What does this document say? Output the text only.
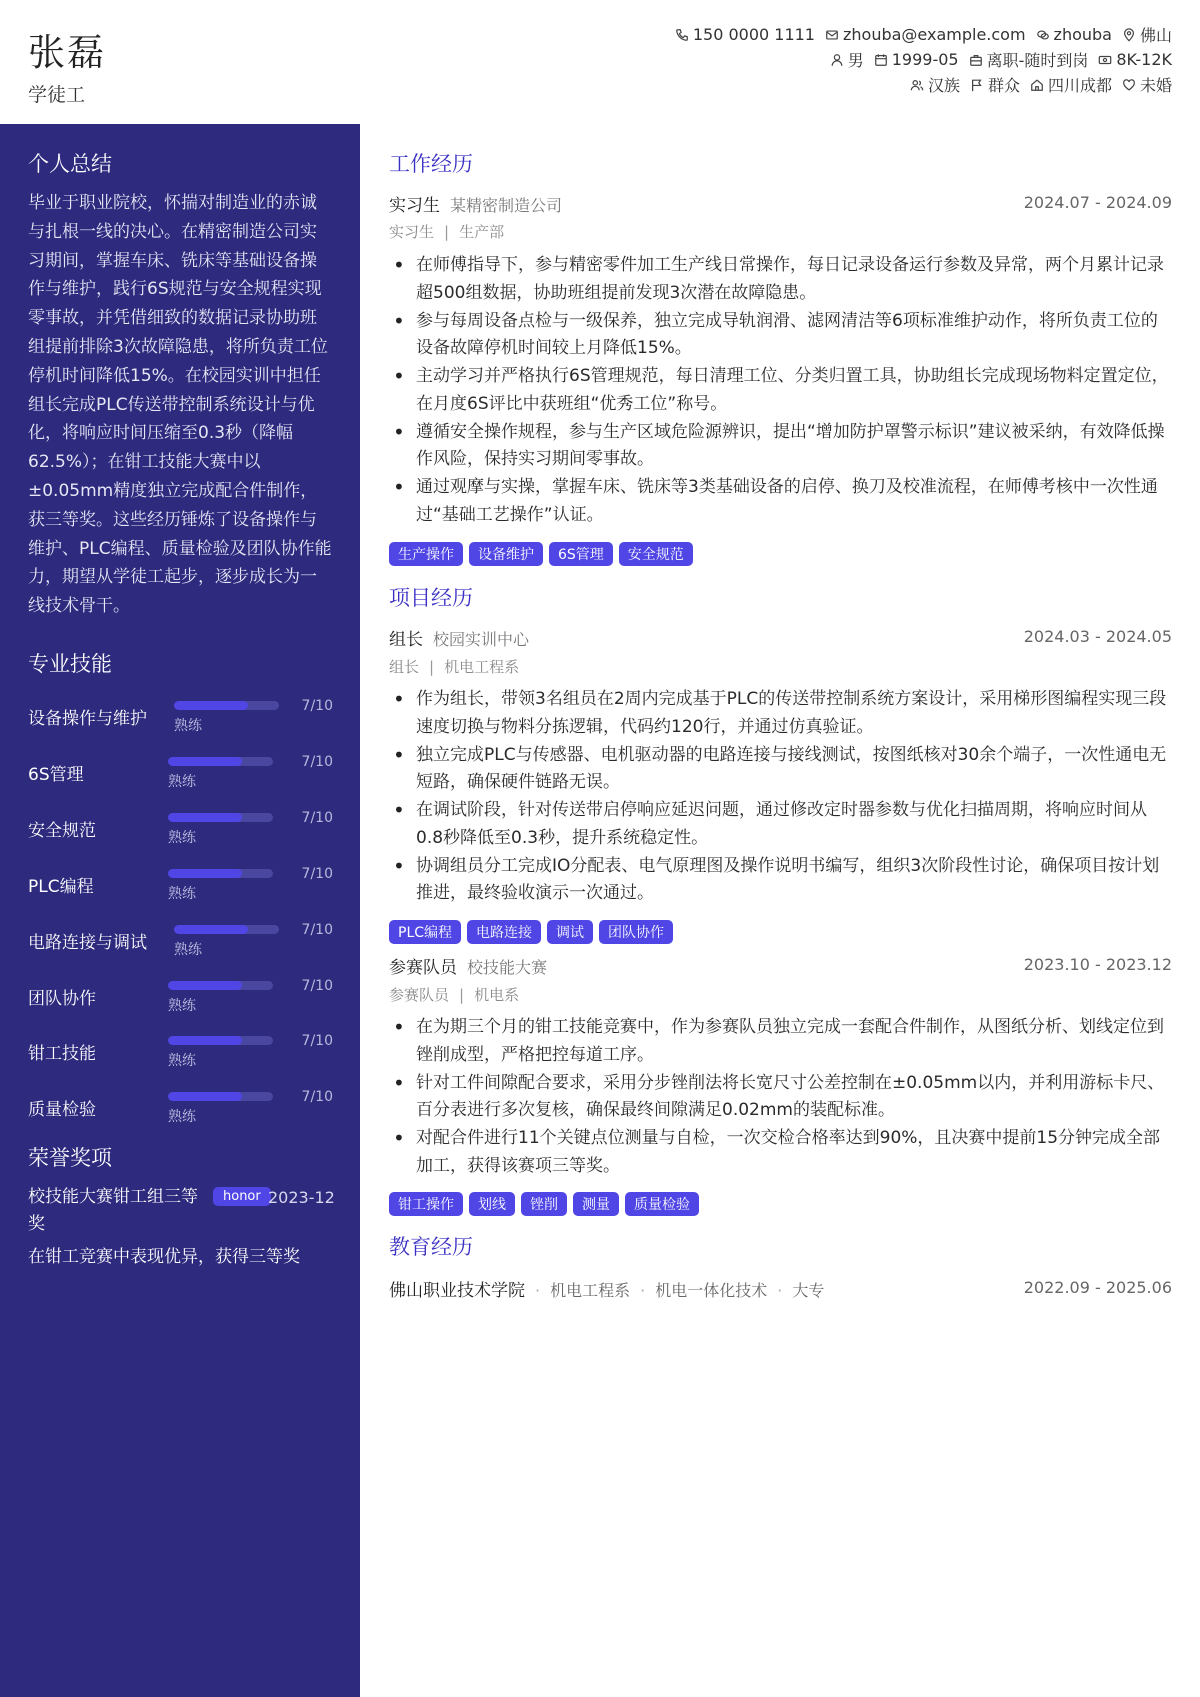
张磊
学徒工
150 0000 1111 zhouba@example.com zhouba 佛山
男 1999-05 离职-随时到岗 8K-12K
汉族 群众 四川成都 未婚
个人总结
毕业于职业院校，怀揣对制造业的赤诚与扎根一线的决心。在精密制造公司实习期间，掌握车床、铣床等基础设备操作与维护，践行6S规范与安全规程实现零事故，并凭借细致的数据记录协助班组提前排除3次故障隐患，将所负责工位停机时间降低15%。在校园实训中担任组长完成PLC传送带控制系统设计与优化，将响应时间压缩至0.3秒（降幅62.5%）；在钳工技能大赛中以±0.05mm精度独立完成配合件制作，获三等奖。这些经历锤炼了设备操作与维护、PLC编程、质量检验及团队协作能力，期望从学徒工起步，逐步成长为一线技术骨干。
专业技能
设备操作与维护
7/10
熟练
6S管理
7/10
熟练
安全规范
7/10
熟练
PLC编程
7/10
熟练
电路连接与调试
7/10
熟练
团队协作
7/10
熟练
钳工技能
7/10
熟练
质量检验
7/10
熟练
荣誉奖项
校技能大赛钳工组三等奖
honor 2023-12
在钳工竞赛中表现优异，获得三等奖
工作经历
实习生 某精密制造公司	2024.07 - 2024.09
实习生 | 生产部
• 在师傅指导下，参与精密零件加工生产线日常操作，每日记录设备运行参数及异常，两个月累计记录超500组数据，协助班组提前发现3次潜在故障隐患。
• 参与每周设备点检与一级保养，独立完成导轨润滑、滤网清洁等6项标准维护动作，将所负责工位的设备故障停机时间较上月降低15%。
• 主动学习并严格执行6S管理规范，每日清理工位、分类归置工具，协助组长完成现场物料定置定位，在月度6S评比中获班组“优秀工位”称号。
• 遵循安全操作规程，参与生产区域危险源辨识，提出“增加防护罩警示标识”建议被采纳，有效降低操作风险，保持实习期间零事故。
• 通过观摩与实操，掌握车床、铣床等3类基础设备的启停、换刀及校准流程，在师傅考核中一次性通过“基础工艺操作”认证。
生产操作	设备维护	6S管理	安全规范
项目经历
组长 校园实训中心	2024.03 - 2024.05
组长 | 机电工程系
• 作为组长，带领3名组员在2周内完成基于PLC的传送带控制系统方案设计，采用梯形图编程实现三段速度切换与物料分拣逻辑，代码约120行，并通过仿真验证。
• 独立完成PLC与传感器、电机驱动器的电路连接与接线测试，按图纸核对30余个端子，一次性通电无短路，确保硬件链路无误。
• 在调试阶段，针对传送带启停响应延迟问题，通过修改定时器参数与优化扫描周期，将响应时间从0.8秒降低至0.3秒，提升系统稳定性。
• 协调组员分工完成IO分配表、电气原理图及操作说明书编写，组织3次阶段性讨论，确保项目按计划推进，最终验收演示一次通过。
PLC编程	电路连接	调试	团队协作
参赛队员 校技能大赛	2023.10 - 2023.12
参赛队员 | 机电系
• 在为期三个月的钳工技能竞赛中，作为参赛队员独立完成一套配合件制作，从图纸分析、划线定位到锉削成型，严格把控每道工序。
• 针对工件间隙配合要求，采用分步锉削法将长宽尺寸公差控制在±0.05mm以内，并利用游标卡尺、百分表进行多次复核，确保最终间隙满足0.02mm的装配标准。
• 对配合件进行11个关键点位测量与自检，一次交检合格率达到90%，且决赛中提前15分钟完成全部加工，获得该赛项三等奖。
钳工操作	划线	锉削	测量	质量检验
教育经历
佛山职业技术学院 · 机电工程系 · 机电一体化技术 · 大专	2022.09 - 2025.06
